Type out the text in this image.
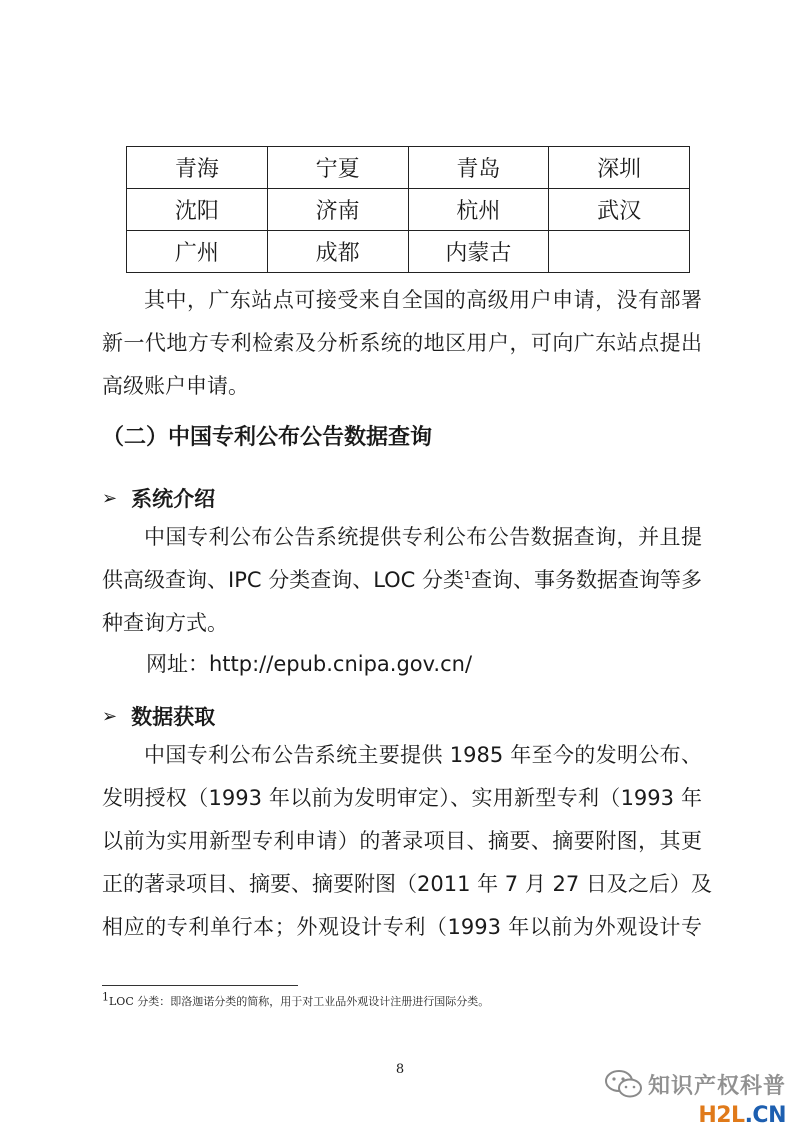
青海	宁夏	青岛	深圳
沈阳	济南	杭州	武汉
广州	成都	内蒙古	

其中，广东站点可接受来自全国的高级用户申请，没有部署
新一代地方专利检索及分析系统的地区用户，可向广东站点提出
高级账户申请。

（二）中国专利公布公告数据查询
➢ 系统介绍

中国专利公布公告系统提供专利公布公告数据查询，并且提
供高级查询、IPC 分类查询、LOC 分类$^1$查询、事务数据查询等多
种查询方式。

网址：http://epub.cnipa.gov.cn/

➢ 数据获取

中国专利公布公告系统主要提供 1985 年至今的发明公布、
发明授权（1993 年以前为发明审定）、实用新型专利（1993 年
以前为实用新型专利申请）的著录项目、摘要、摘要附图，其更
正的著录项目、摘要、摘要附图（2011 年 7 月 27 日及之后）及
相应的专利单行本；外观设计专利（1993 年以前为外观设计专

$^1$LOC 分类：即洛迦诺分类的简称，用于对工业品外观设计注册进行国际分类。

8
知识产权科普
H2L.CN
